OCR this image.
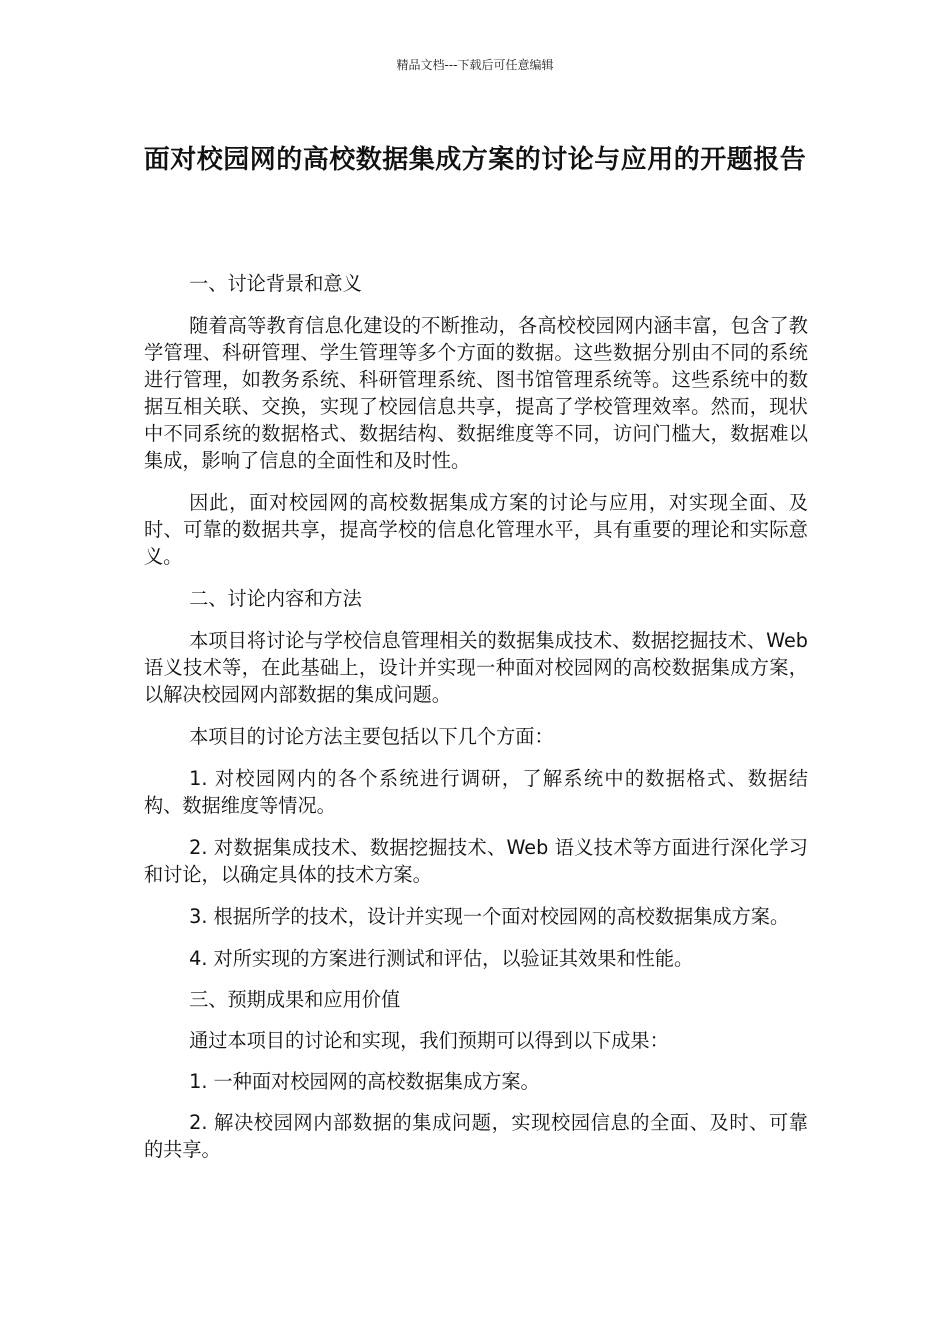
精品文档---下载后可任意编辑
面对校园网的高校数据集成方案的讨论与应用的开题报告

一、讨论背景和意义

随着高等教育信息化建设的不断推动，各高校校园网内涵丰富，包含了教学管理、科研管理、学生管理等多个方面的数据。这些数据分别由不同的系统进行管理，如教务系统、科研管理系统、图书馆管理系统等。这些系统中的数据互相关联、交换，实现了校园信息共享，提高了学校管理效率。然而，现状中不同系统的数据格式、数据结构、数据维度等不同，访问门槛大，数据难以集成，影响了信息的全面性和及时性。

因此，面对校园网的高校数据集成方案的讨论与应用，对实现全面、及时、可靠的数据共享，提高学校的信息化管理水平，具有重要的理论和实际意义。

二、讨论内容和方法

本项目将讨论与学校信息管理相关的数据集成技术、数据挖掘技术、Web 语义技术等，在此基础上，设计并实现一种面对校园网的高校数据集成方案，以解决校园网内部数据的集成问题。

本项目的讨论方法主要包括以下几个方面：

1. 对校园网内的各个系统进行调研，了解系统中的数据格式、数据结构、数据维度等情况。

2. 对数据集成技术、数据挖掘技术、Web 语义技术等方面进行深化学习和讨论，以确定具体的技术方案。

3. 根据所学的技术，设计并实现一个面对校园网的高校数据集成方案。

4. 对所实现的方案进行测试和评估，以验证其效果和性能。

三、预期成果和应用价值

通过本项目的讨论和实现，我们预期可以得到以下成果：

1. 一种面对校园网的高校数据集成方案。

2. 解决校园网内部数据的集成问题，实现校园信息的全面、及时、可靠的共享。
